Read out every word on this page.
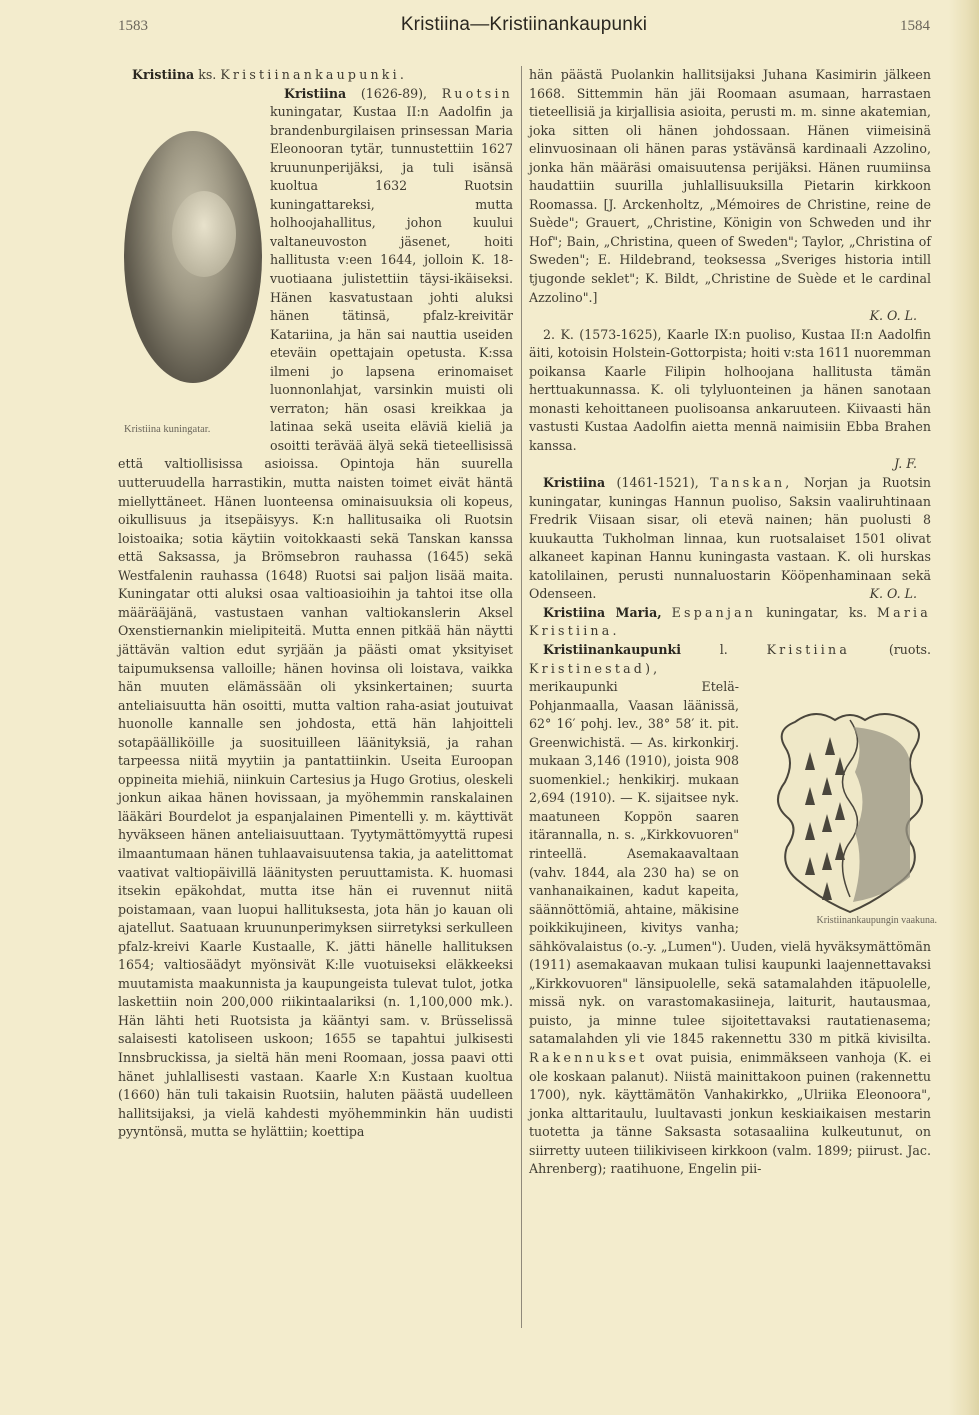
1583	Kristiina—Kristiinankaupunki	1584

Kristiina ks. Kristiinankaupunki.

Kristiina (1626-89), Ruotsin
Kristiina kuningatar.
kuningatar, Kustaa II:n Aadolfin ja brandenburgilaisen prinsessan Maria Eleonooran tytär, tunnustettiin 1627 kruununperijäksi, ja tuli isänsä kuoltua 1632 Ruotsin kuningattareksi, mutta holhoojahallitus, johon kuului valtaneuvoston jäsenet, hoiti hallitusta v:een 1644, jolloin K. 18-vuotiaana julistettiin täysi-ikäiseksi. Hänen kasvatustaan johti aluksi hänen tätinsä, pfalz-kreivitär Katariina, ja hän sai nauttia useiden eteväin opettajain opetusta. K:ssa ilmeni jo lapsena erinomaiset luonnonlahjat, varsinkin muisti oli verraton; hän osasi kreikkaa ja latinaa sekä useita eläviä kieliä ja osoitti terävää älyä sekä tieteellisissä että valtiollisissa asioissa. Opintoja hän suurella uutteruudella harrastikin, mutta naisten toimet eivät häntä miellyttäneet. Hänen luonteensa ominaisuuksia oli kopeus, oikullisuus ja itsepäisyys. K:n hallitusaika oli Ruotsin loistoaika; sotia käytiin voitokkaasti sekä Tanskan kanssa että Saksassa, ja Brömsebron rauhassa (1645) sekä Westfalenin rauhassa (1648) Ruotsi sai paljon lisää maita. Kuningatar otti aluksi osaa valtioasioihin ja tahtoi itse olla määrääjänä, vastustaen vanhan valtiokanslerin Aksel Oxenstiernankin mielipiteitä. Mutta ennen pitkää hän näytti jättävän valtion edut syrjään ja päästi omat yksityiset taipumuksensa valloille; hänen hovinsa oli loistava, vaikka hän muuten elämässään oli yksinkertainen; suurta anteliaisuutta hän osoitti, mutta valtion raha-asiat joutuivat huonolle kannalle sen johdosta, että hän lahjoitteli sotapäälliköille ja suosituilleen läänityksiä, ja rahan tarpeessa niitä myytiin ja pantattiinkin. Useita Euroopan oppineita miehiä, niinkuin Cartesius ja Hugo Grotius, oleskeli jonkun aikaa hänen hovissaan, ja myöhemmin ranskalainen lääkäri Bourdelot ja espanjalainen Pimentelli y. m. käyttivät hyväkseen hänen anteliaisuuttaan. Tyytymättömyyttä rupesi ilmaantumaan hänen tuhlaavaisuutensa takia, ja aatelittomat vaativat valtiopäivillä läänitysten peruuttamista. K. huomasi itsekin epäkohdat, mutta itse hän ei ruvennut niitä poistamaan, vaan luopui hallituksesta, jota hän jo kauan oli ajatellut. Saatuaan kruununperimyksen siirretyksi serkulleen pfalz-kreivi Kaarle Kustaalle, K. jätti hänelle hallituksen 1654; valtiosäädyt myönsivät K:lle vuotuiseksi eläkkeeksi muutamista maakunnista ja kaupungeista tulevat tulot, jotka laskettiin noin 200,000 riikintaalariksi (n. 1,100,000 mk.). Hän lähti heti Ruotsista ja kääntyi sam. v. Brüsselissä salaisesti katoliseen uskoon; 1655 se tapahtui julkisesti Innsbruckissa, ja sieltä hän meni Roomaan, jossa paavi otti hänet juhlallisesti vastaan. Kaarle X:n Kustaan kuoltua (1660) hän tuli takaisin Ruotsiin, haluten päästä uudelleen hallitsijaksi, ja vielä kahdesti myöhemminkin hän uudisti pyyntönsä, mutta se hylättiin; koettipa

hän päästä Puolankin hallitsijaksi Juhana Kasimirin jälkeen 1668. Sittemmin hän jäi Roomaan asumaan, harrastaen tieteellisiä ja kirjallisia asioita, perusti m. m. sinne akatemian, joka sitten oli hänen johdossaan. Hänen viimeisinä elinvuosinaan oli hänen paras ystävänsä kardinaali Azzolino, jonka hän määräsi omaisuutensa perijäksi. Hänen ruumiinsa haudattiin suurilla juhlallisuuksilla Pietarin kirkkoon Roomassa. [J. Arckenholtz, „Mémoires de Christine, reine de Suède"; Grauert, „Christine, Königin von Schweden und ihr Hof"; Bain, „Christina, queen of Sweden"; Taylor, „Christina of Sweden"; E. Hildebrand, teoksessa „Sveriges historia intill tjugonde seklet"; K. Bildt, „Christine de Suède et le cardinal Azzolino".]

K. O. L.

2. K. (1573-1625), Kaarle IX:n puoliso, Kustaa II:n Aadolfin äiti, kotoisin Holstein-Gottorpista; hoiti v:sta 1611 nuoremman poikansa Kaarle Filipin holhoojana hallitusta tämän herttuakunnassa. K. oli tylyluonteinen ja hänen sanotaan monasti kehoittaneen puolisoansa ankaruuteen. Kiivaasti hän vastusti Kustaa Aadolfin aietta mennä naimisiin Ebba Brahen kanssa.

J. F.

Kristiina (1461-1521), Tanskan, Norjan ja Ruotsin kuningatar, kuningas Hannun puoliso, Saksin vaaliruhtinaan Fredrik Viisaan sisar, oli etevä nainen; hän puolusti 8 kuukautta Tukholman linnaa, kun ruotsalaiset 1501 olivat alkaneet kapinan Hannu kuningasta vastaan. K. oli hurskas katolilainen, perusti nunnaluostarin Kööpenhaminaan sekä Odenseen.	K. O. L.

Kristiina Maria, Espanjan kuningatar, ks. Maria Kristiina.

Kristiinankaupunki	l.	Kristiina	(ruots. Kristinestad),
Kristiinankaupungin vaakuna.
merikaupunki Etelä-Pohjanmaalla, Vaasan läänissä, 62° 16′ pohj. lev., 38° 58′ it. pit. Greenwichistä. — As. kirkonkirj. mukaan 3,146 (1910), joista 908 suomenkiel.; henkikirj. mukaan 2,694 (1910). — K. sijaitsee nyk. maatuneen Koppön saaren itärannalla, n. s. „Kirkkovuoren" rinteellä. Asemakaavaltaan (vahv. 1844, ala 230 ha) se on vanhanaikainen, kadut kapeita, säännöttömiä, ahtaine, mäkisine poikkikujineen, kivitys vanha; sähkövalaistus (o.-y. „Lumen"). Uuden, vielä hyväksymättömän (1911) asemakaavan mukaan tulisi kaupunki laajennettavaksi „Kirkkovuoren" länsipuolelle, sekä satamalahden itäpuolelle, missä nyk. on varastomakasiineja, laiturit, hautausmaa, puisto, ja minne tulee sijoitettavaksi rautatienasema; satamalahden yli vie 1845 rakennettu 330 m pitkä kivisilta. Rakennukset ovat puisia, enimmäkseen vanhoja (K. ei ole koskaan palanut). Niistä mainittakoon puinen (rakennettu 1700), nyk. käyttämätön Vanhakirkko, „Ulriika Eleonoora", jonka alttaritaulu, luultavasti jonkun keskiaikaisen mestarin tuotetta ja tänne Saksasta sotasaaliina kulkeutunut, on siirretty uuteen tiilikiviseen kirkkoon (valm. 1899; piirust. Jac. Ahrenberg); raatihuone, Engelin pii-
